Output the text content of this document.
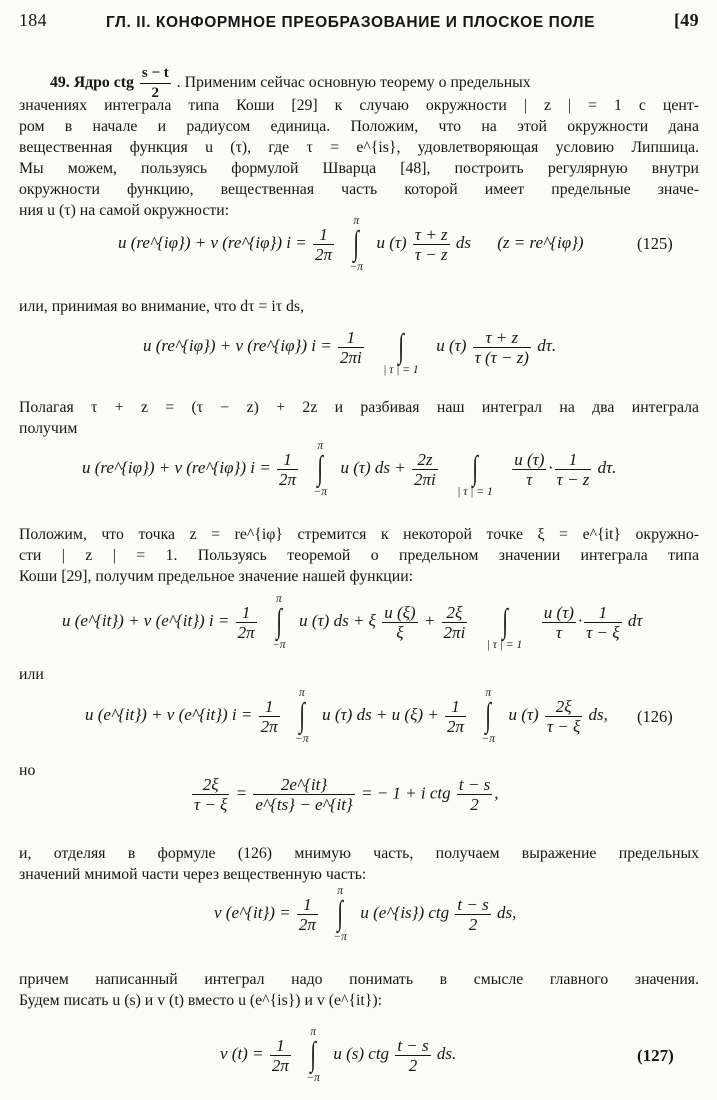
184	ГЛ. II. КОНФОРМНОЕ ПРЕОБРАЗОВАНИЕ И ПЛОСКОЕ ПОЛЕ	[49
49. Ядро ctg $\frac{s - t}{2}$ . Применим сейчас основную теорему о предельных
значениях интеграла типа Коши [29] к случаю окружности | z | = 1 с цент-
ром в начале и радиусом единица. Положим, что на этой окружности дана
вещественная функция u (τ), где τ = e^{is}, удовлетворяющая условию Липшица.
Мы можем, пользуясь формулой Шварца [48], построить регулярную внутри
окружности функцию, вещественная часть которой имеет предельные значе-
ния u (τ) на самой окружности:
u (re^{iφ}) + v (re^{iφ}) $i = \frac{1}{2\pi}$

π
∫
−π
u $(\tau) \frac{\tau + z}{\tau - z}$ ds (z = re^{iφ})	(125)
или, принимая во внимание, что dτ = iτ ds,
u (re^{iφ}) + v (re^{iφ}) $i = \frac{1}{2\pi i}$

	∫
| τ | = 1
u $(\tau) \frac{\tau + z}{\tau (\tau - z)} d\tau$.
Полагая τ + z = (τ − z) + 2z и разбивая наш интеграл на два интеграла
получим
u (re^{iφ}) + v (re^{iφ}) $i = \frac{1}{2\pi}$

π
∫
−π
u (τ) ds + $\frac{2z}{2\pi i}$

	∫
| τ | = 1

$\frac{u (\tau)}{\tau} \cdot \frac{1}{\tau - z} d\tau$.
Положим, что точка z = re^{iφ} стремится к некоторой точке ξ = e^{it} окружно-
сти | z | = 1. Пользуясь теоремой о предельном значении интеграла типа
Коши [29], получим предельное значение нашей функции:
u (e^{it}) + v (e^{it}) $i = \frac{1}{2\pi}$

π
∫
−π
u (τ) ds + ξ $\frac{u (\xi)}{\xi} + \frac{2\xi}{2\pi i}$

	∫
| τ | = 1

$\frac{u (\tau)}{\tau} \cdot \frac{1}{\tau - \xi}$ dτ
или
u (e^{it}) + v (e^{it}) $i = \frac{1}{2\pi}$

π
∫
−π
u (τ) ds + u $(\xi) + \frac{1}{2\pi}$

π
∫
−π
u $(\tau) \frac{2\xi}{\tau - \xi}$ ds, (126)
но
$\frac{2\xi}{\tau - \xi} = \frac{2e\^{}\{it\}}{e\^{}\{ts\} - e\^{}\{it\}}$ = − 1 + i ctg $\frac{t - s}{2}$ ,
и, отделяя в формуле (126) мнимую часть, получаем выражение предельных
значений мнимой части через вещественную часть:
v (e^{it}) = $\frac{1}{2\pi}$

π
∫
−π
u (e^{is}) ctg $\frac{t - s}{2}$ ds,
причем написанный интеграл надо понимать в смысле главного значения.
Будем писать u (s) и v (t) вместо u (e^{is}) и v (e^{it}):
v $(t) = \frac{1}{2\pi}$

π
∫
−π
u (s) ctg $\frac{t - s}{2}$ ds.	(127)
